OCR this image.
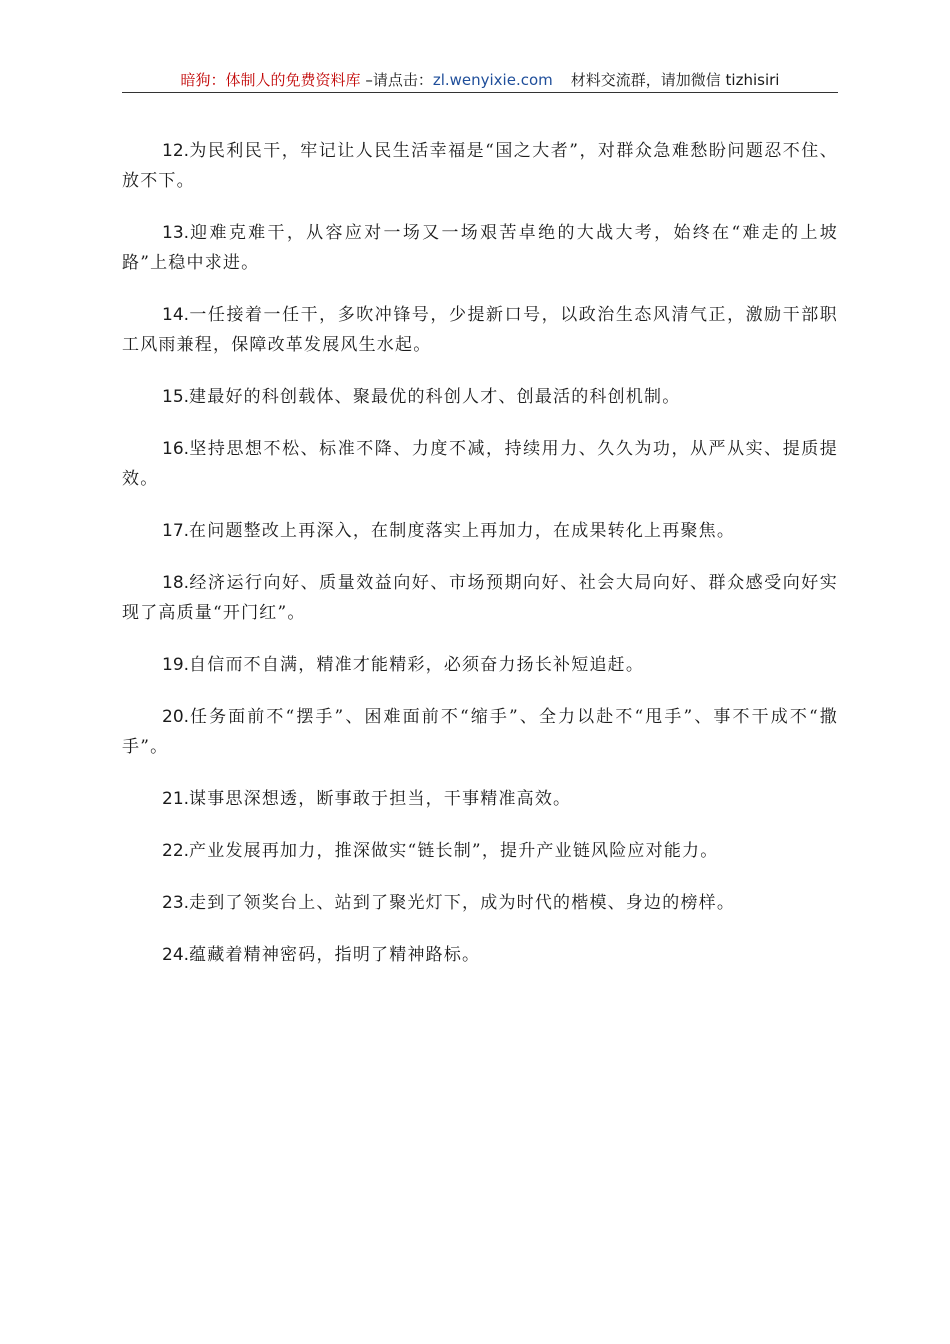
暗狗：体制人的免费资料库 –请点击：zl.wenyixie.com 材料交流群，请加微信 tizhisiri

12.为民利民干，牢记让人民生活幸福是“国之大者”，对群众急难愁盼问题忍不住、放不下。

13.迎难克难干，从容应对一场又一场艰苦卓绝的大战大考，始终在“难走的上坡路”上稳中求进。

14.一任接着一任干，多吹冲锋号，少提新口号，以政治生态风清气正，激励干部职工风雨兼程，保障改革发展风生水起。

15.建最好的科创载体、聚最优的科创人才、创最活的科创机制。

16.坚持思想不松、标准不降、力度不减，持续用力、久久为功，从严从实、提质提效。

17.在问题整改上再深入，在制度落实上再加力，在成果转化上再聚焦。

18.经济运行向好、质量效益向好、市场预期向好、社会大局向好、群众感受向好实现了高质量“开门红”。

19.自信而不自满，精准才能精彩，必须奋力扬长补短追赶。

20.任务面前不“摆手”、困难面前不“缩手”、全力以赴不“甩手”、事不干成不“撒手”。

21.谋事思深想透，断事敢于担当，干事精准高效。

22.产业发展再加力，推深做实“链长制”，提升产业链风险应对能力。

23.走到了领奖台上、站到了聚光灯下，成为时代的楷模、身边的榜样。

24.蕴藏着精神密码，指明了精神路标。
